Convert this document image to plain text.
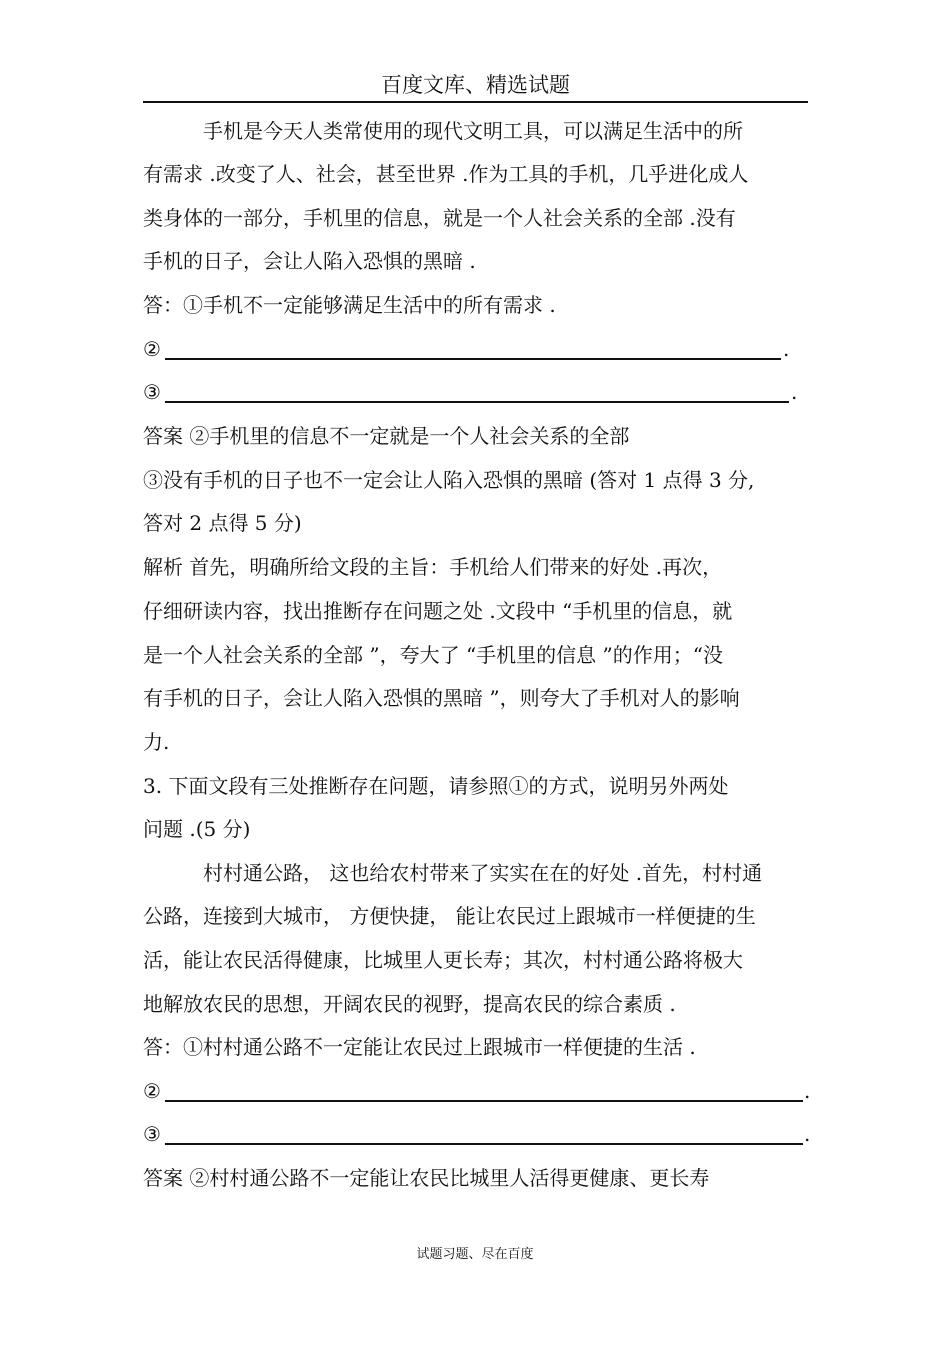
百度文库、精选试题
手机是今天人类常使用的现代文明工具，可以满足生活中的所
有需求 .改变了人、社会，甚至世界 .作为工具的手机，几乎进化成人
类身体的一部分，手机里的信息，就是一个人社会关系的全部 .没有
手机的日子，会让人陷入恐惧的黑暗 .
答：①手机不一定能够满足生活中的所有需求 .
②	.
③	.
答案 ②手机里的信息不一定就是一个人社会关系的全部
③没有手机的日子也不一定会让人陷入恐惧的黑暗 (答对 1 点得 3 分,
答对 2 点得 5 分)
解析 首先，明确所给文段的主旨：手机给人们带来的好处 .再次，
仔细研读内容，找出推断存在问题之处 .文段中 “手机里的信息，就
是一个人社会关系的全部 ”，夸大了 “手机里的信息 ”的作用；“没
有手机的日子，会让人陷入恐惧的黑暗 ”，则夸大了手机对人的影响
力.
3. 下面文段有三处推断存在问题，请参照①的方式，说明另外两处
问题 .(5 分)
村村通公路， 这也给农村带来了实实在在的好处 .首先，村村通
公路，连接到大城市， 方便快捷， 能让农民过上跟城市一样便捷的生
活，能让农民活得健康，比城里人更长寿；其次，村村通公路将极大
地解放农民的思想，开阔农民的视野，提高农民的综合素质 .
答：①村村通公路不一定能让农民过上跟城市一样便捷的生活 .
②	.
③	.
答案 ②村村通公路不一定能让农民比城里人活得更健康、更长寿
试题习题、尽在百度
